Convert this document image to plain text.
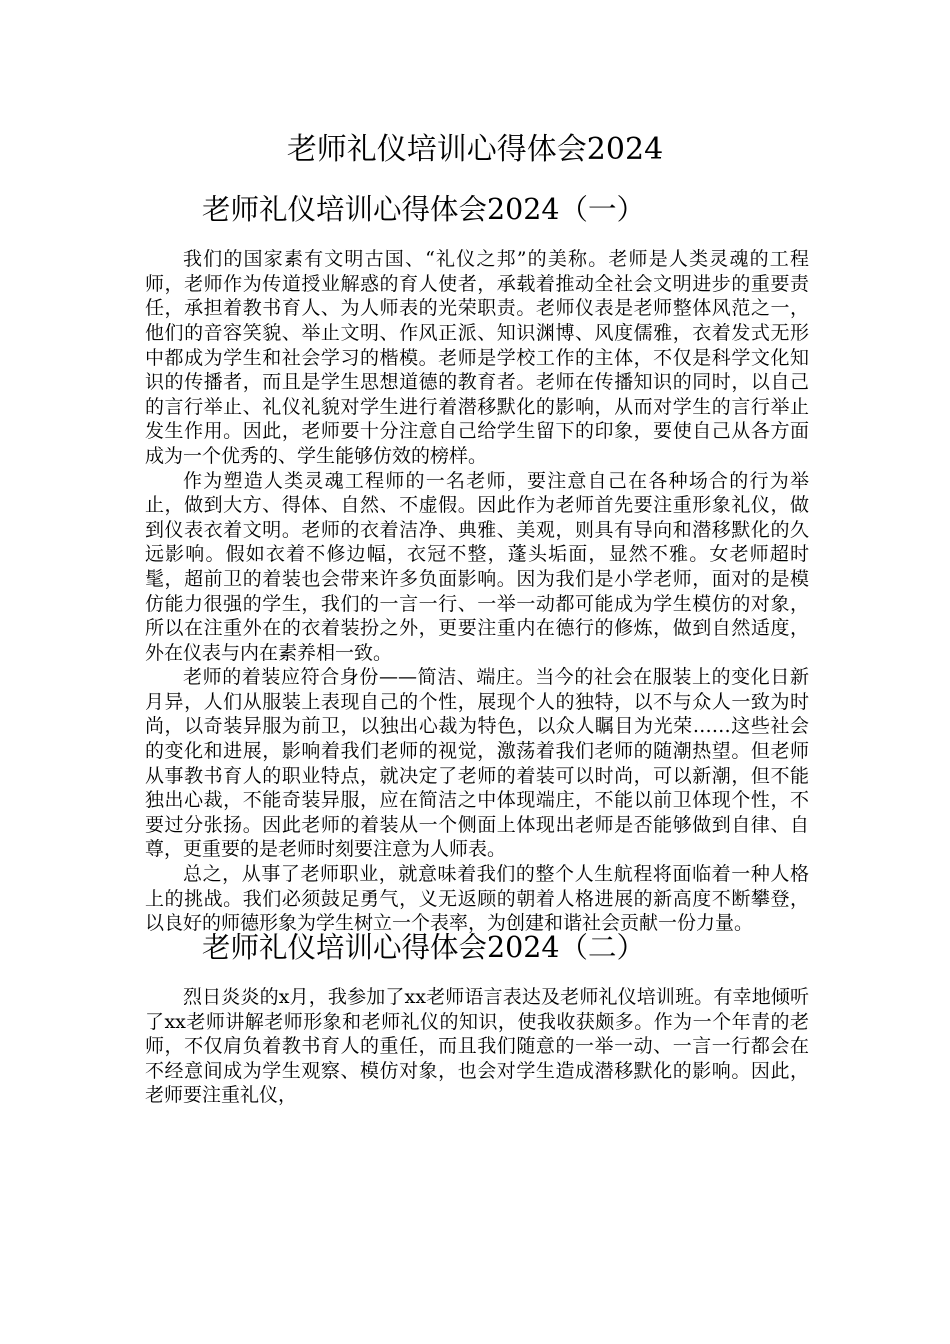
老师礼仪培训心得体会2024
老师礼仪培训心得体会2024（一）

我们的国家素有文明古国、“礼仪之邦”的美称。老师是人类灵魂的工程师，老师作为传道授业解惑的育人使者，承载着推动全社会文明进步的重要责任，承担着教书育人、为人师表的光荣职责。老师仪表是老师整体风范之一，他们的音容笑貌、举止文明、作风正派、知识渊博、风度儒雅，衣着发式无形中都成为学生和社会学习的楷模。老师是学校工作的主体，不仅是科学文化知识的传播者，而且是学生思想道德的教育者。老师在传播知识的同时，以自己的言行举止、礼仪礼貌对学生进行着潜移默化的影响，从而对学生的言行举止发生作用。因此，老师要十分注意自己给学生留下的印象，要使自己从各方面成为一个优秀的、学生能够仿效的榜样。

作为塑造人类灵魂工程师的一名老师，要注意自己在各种场合的行为举止，做到大方、得体、自然、不虚假。因此作为老师首先要注重形象礼仪，做到仪表衣着文明。老师的衣着洁净、典雅、美观，则具有导向和潜移默化的久远影响。假如衣着不修边幅，衣冠不整，蓬头垢面，显然不雅。女老师超时髦，超前卫的着装也会带来许多负面影响。因为我们是小学老师，面对的是模仿能力很强的学生，我们的一言一行、一举一动都可能成为学生模仿的对象，所以在注重外在的衣着装扮之外，更要注重内在德行的修炼，做到自然适度，外在仪表与内在素养相一致。

老师的着装应符合身份——简洁、端庄。当今的社会在服装上的变化日新月异，人们从服装上表现自己的个性，展现个人的独特，以不与众人一致为时尚，以奇装异服为前卫，以独出心裁为特色，以众人瞩目为光荣……这些社会的变化和进展，影响着我们老师的视觉，激荡着我们老师的随潮热望。但老师从事教书育人的职业特点，就决定了老师的着装可以时尚，可以新潮，但不能独出心裁，不能奇装异服，应在简洁之中体现端庄，不能以前卫体现个性，不要过分张扬。因此老师的着装从一个侧面上体现出老师是否能够做到自律、自尊，更重要的是老师时刻要注意为人师表。

总之，从事了老师职业，就意味着我们的整个人生航程将面临着一种人格上的挑战。我们必须鼓足勇气，义无返顾的朝着人格进展的新高度不断攀登，以良好的师德形象为学生树立一个表率，为创建和谐社会贡献一份力量。

老师礼仪培训心得体会2024（二）

烈日炎炎的x月，我参加了xx老师语言表达及老师礼仪培训班。有幸地倾听了xx老师讲解老师形象和老师礼仪的知识，使我收获颇多。作为一个年青的老师，不仅肩负着教书育人的重任，而且我们随意的一举一动、一言一行都会在不经意间成为学生观察、模仿对象，也会对学生造成潜移默化的影响。因此，老师要注重礼仪，
